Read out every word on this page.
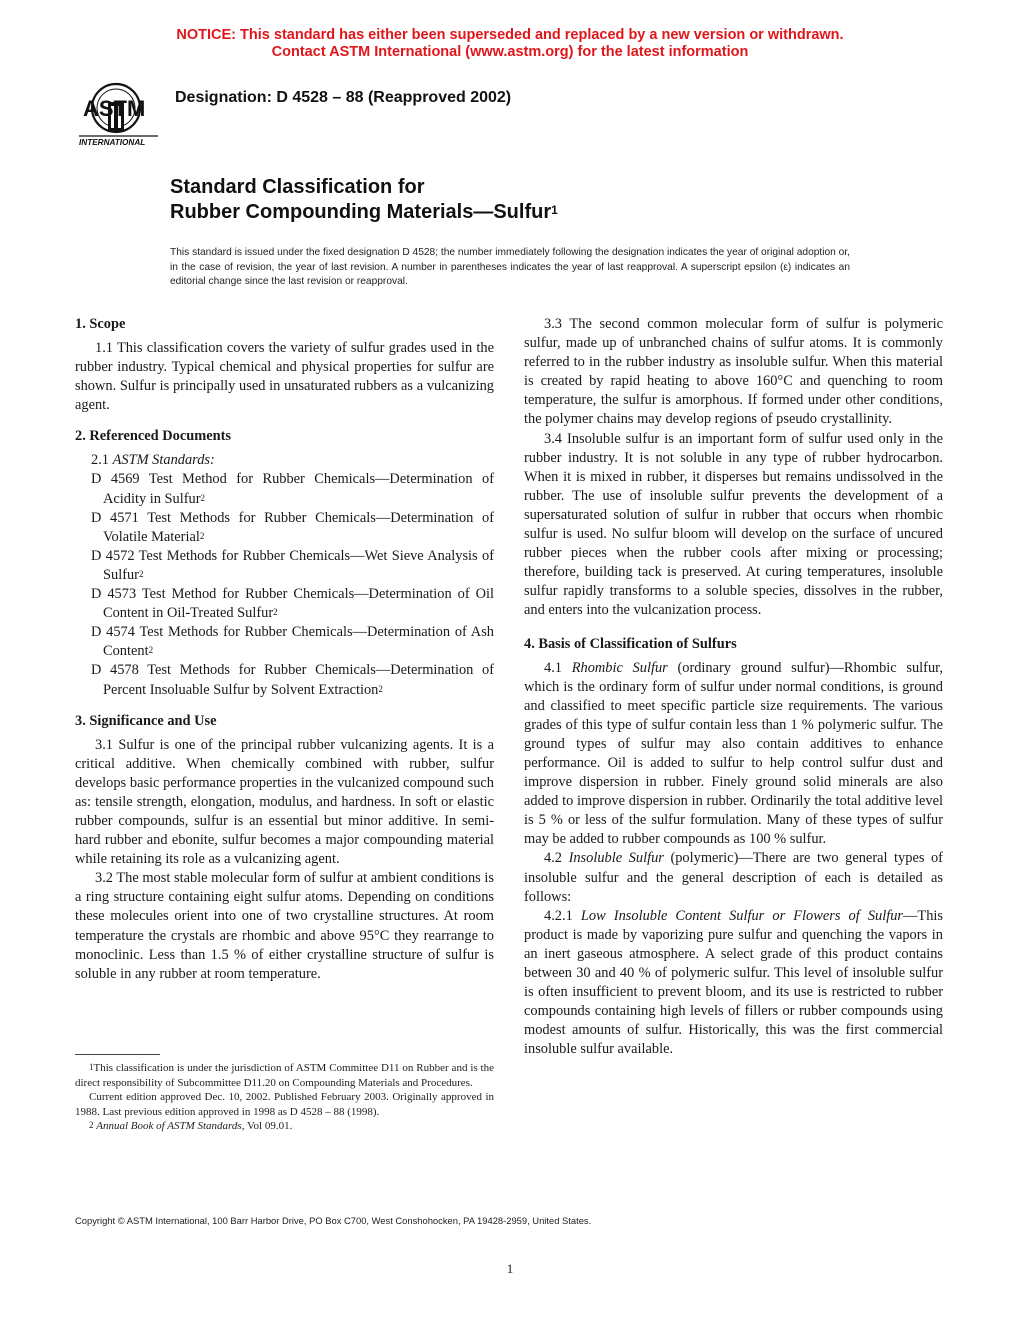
NOTICE: This standard has either been superseded and replaced by a new version or withdrawn.
Contact ASTM International (www.astm.org) for the latest information
ASTM
INTERNATIONAL
Designation: D 4528 – 88 (Reapproved 2002)
Standard Classification for
Rubber Compounding Materials—Sulfur$^1$
This standard is issued under the fixed designation D 4528; the number immediately following the designation indicates the year of original adoption or, in the case of revision, the year of last revision. A number in parentheses indicates the year of last reapproval. A superscript epsilon (ε) indicates an editorial change since the last revision or reapproval.
1. Scope

1.1 This classification covers the variety of sulfur grades used in the rubber industry. Typical chemical and physical properties for sulfur are shown. Sulfur is principally used in unsaturated rubbers as a vulcanizing agent.

2. Referenced Documents

2.1 ASTM Standards:

D 4569 Test Method for Rubber Chemicals—Determination of Acidity in Sulfur$^2$
D 4571 Test Methods for Rubber Chemicals—Determination of Volatile Material$^2$
D 4572 Test Methods for Rubber Chemicals—Wet Sieve Analysis of Sulfur$^2$
D 4573 Test Method for Rubber Chemicals—Determination of Oil Content in Oil-Treated Sulfur$^2$
D 4574 Test Methods for Rubber Chemicals—Determination of Ash Content$^2$
D 4578 Test Methods for Rubber Chemicals—Determination of Percent Insoluable Sulfur by Solvent Extraction$^2$
3. Significance and Use

3.1 Sulfur is one of the principal rubber vulcanizing agents. It is a critical additive. When chemically combined with rubber, sulfur develops basic performance properties in the vulcanized compound such as: tensile strength, elongation, modulus, and hardness. In soft or elastic rubber compounds, sulfur is an essential but minor additive. In semi-hard rubber and ebonite, sulfur becomes a major compounding material while retaining its role as a vulcanizing agent.

3.2 The most stable molecular form of sulfur at ambient conditions is a ring structure containing eight sulfur atoms. Depending on conditions these molecules orient into one of two crystalline structures. At room temperature the crystals are rhombic and above 95°C they rearrange to monoclinic. Less than 1.5 % of either crystalline structure of sulfur is soluble in any rubber at room temperature.

3.3 The second common molecular form of sulfur is polymeric sulfur, made up of unbranched chains of sulfur atoms. It is commonly referred to in the rubber industry as insoluble sulfur. When this material is created by rapid heating to above 160°C and quenching to room temperature, the sulfur is amorphous. If formed under other conditions, the polymer chains may develop regions of pseudo crystallinity.

3.4 Insoluble sulfur is an important form of sulfur used only in the rubber industry. It is not soluble in any type of rubber hydrocarbon. When it is mixed in rubber, it disperses but remains undissolved in the rubber. The use of insoluble sulfur prevents the development of a supersaturated solution of sulfur in rubber that occurs when rhombic sulfur is used. No sulfur bloom will develop on the surface of uncured rubber pieces when the rubber cools after mixing or processing; therefore, building tack is preserved. At curing temperatures, insoluble sulfur rapidly transforms to a soluble species, dissolves in the rubber, and enters into the vulcanization process.

4. Basis of Classification of Sulfurs

4.1 Rhombic Sulfur (ordinary ground sulfur)—Rhombic sulfur, which is the ordinary form of sulfur under normal conditions, is ground and classified to meet specific particle size requirements. The various grades of this type of sulfur contain less than 1 % polymeric sulfur. The ground types of sulfur may also contain additives to enhance performance. Oil is added to sulfur to help control sulfur dust and improve dispersion in rubber. Finely ground solid minerals are also added to improve dispersion in rubber. Ordinarily the total additive level is 5 % or less of the sulfur formulation. Many of these types of sulfur may be added to rubber compounds as 100 % sulfur.

4.2 Insoluble Sulfur (polymeric)—There are two general types of insoluble sulfur and the general description of each is detailed as follows:

4.2.1 Low Insoluble Content Sulfur or Flowers of Sulfur—This product is made by vaporizing pure sulfur and quenching the vapors in an inert gaseous atmosphere. A select grade of this product contains between 30 and 40 % of polymeric sulfur. This level of insoluble sulfur is often insufficient to prevent bloom, and its use is restricted to rubber compounds containing high levels of fillers or rubber compounds using modest amounts of sulfur. Historically, this was the first commercial insoluble sulfur available.

$^1$This classification is under the jurisdiction of ASTM Committee D11 on Rubber and is the direct responsibility of Subcommittee D11.20 on Compounding Materials and Procedures.

Current edition approved Dec. 10, 2002. Published February 2003. Originally approved in 1988. Last previous edition approved in 1998 as D 4528 – 88 (1998).

$^2$ Annual Book of ASTM Standards, Vol 09.01.

Copyright © ASTM International, 100 Barr Harbor Drive, PO Box C700, West Conshohocken, PA 19428-2959, United States.
1
